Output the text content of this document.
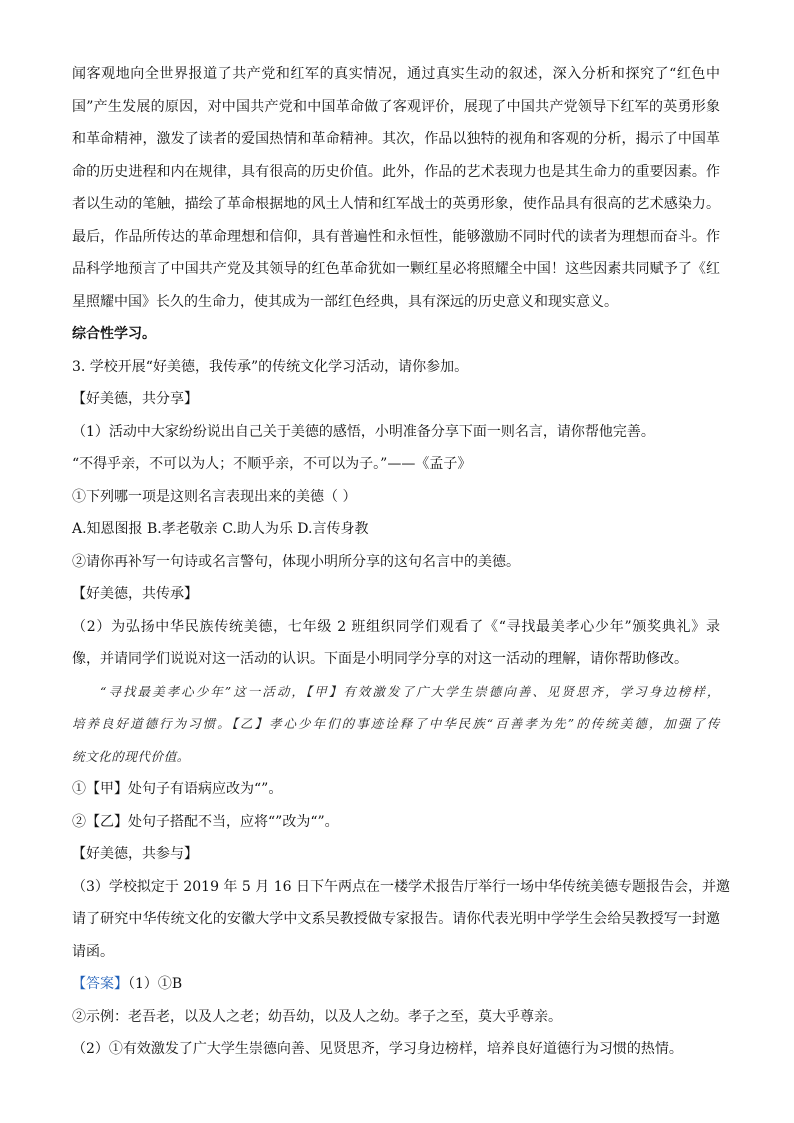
闻客观地向全世界报道了共产党和红军的真实情况，通过真实生动的叙述，深入分析和探究了“红色中
国”产生发展的原因，对中国共产党和中国革命做了客观评价，展现了中国共产党领导下红军的英勇形象
和革命精神，激发了读者的爱国热情和革命精神。其次，作品以独特的视角和客观的分析，揭示了中国革
命的历史进程和内在规律，具有很高的历史价值。此外，作品的艺术表现力也是其生命力的重要因素。作
者以生动的笔触，描绘了革命根据地的风土人情和红军战士的英勇形象，使作品具有很高的艺术感染力。
最后，作品所传达的革命理想和信仰，具有普遍性和永恒性，能够激励不同时代的读者为理想而奋斗。作
品科学地预言了中国共产党及其领导的红色革命犹如一颗红星必将照耀全中国！这些因素共同赋予了《红
星照耀中国》长久的生命力，使其成为一部红色经典，具有深远的历史意义和现实意义。
综合性学习。
3. 学校开展“好美德，我传承”的传统文化学习活动，请你参加。
【好美德，共分享】
（1）活动中大家纷纷说出自己关于美德的感悟，小明准备分享下面一则名言，请你帮他完善。
“不得乎亲，不可以为人；不顺乎亲，不可以为子。”——《孟子》
①下列哪一项是这则名言表现出来的美德（ ）
A.知恩图报 B.孝老敬亲 C.助人为乐 D.言传身教
②请你再补写一句诗或名言警句，体现小明所分享的这句名言中的美德。
【好美德，共传承】
（2）为弘扬中华民族传统美德，七年级 2 班组织同学们观看了《“寻找最美孝心少年”颁奖典礼》录
像，并请同学们说说对这一活动的认识。下面是小明同学分享的对这一活动的理解，请你帮助修改。
“寻找最美孝心少年”这一活动，【甲】有效激发了广大学生崇德向善、见贤思齐，学习身边榜样，
培养良好道德行为习惯。【乙】孝心少年们的事迹诠释了中华民族“百善孝为先”的传统美德，加强了传
统文化的现代价值。
①【甲】处句子有语病应改为“”。
②【乙】处句子搭配不当，应将“”改为“”。
【好美德，共参与】
（3）学校拟定于 2019 年 5 月 16 日下午两点在一楼学术报告厅举行一场中华传统美德专题报告会，并邀
请了研究中华传统文化的安徽大学中文系吴教授做专家报告。请你代表光明中学学生会给吴教授写一封邀
请函。
【答案】（1）①B
②示例：老吾老，以及人之老；幼吾幼，以及人之幼。孝子之至，莫大乎尊亲。
（2）①有效激发了广大学生崇德向善、见贤思齐，学习身边榜样，培养良好道德行为习惯的热情。
